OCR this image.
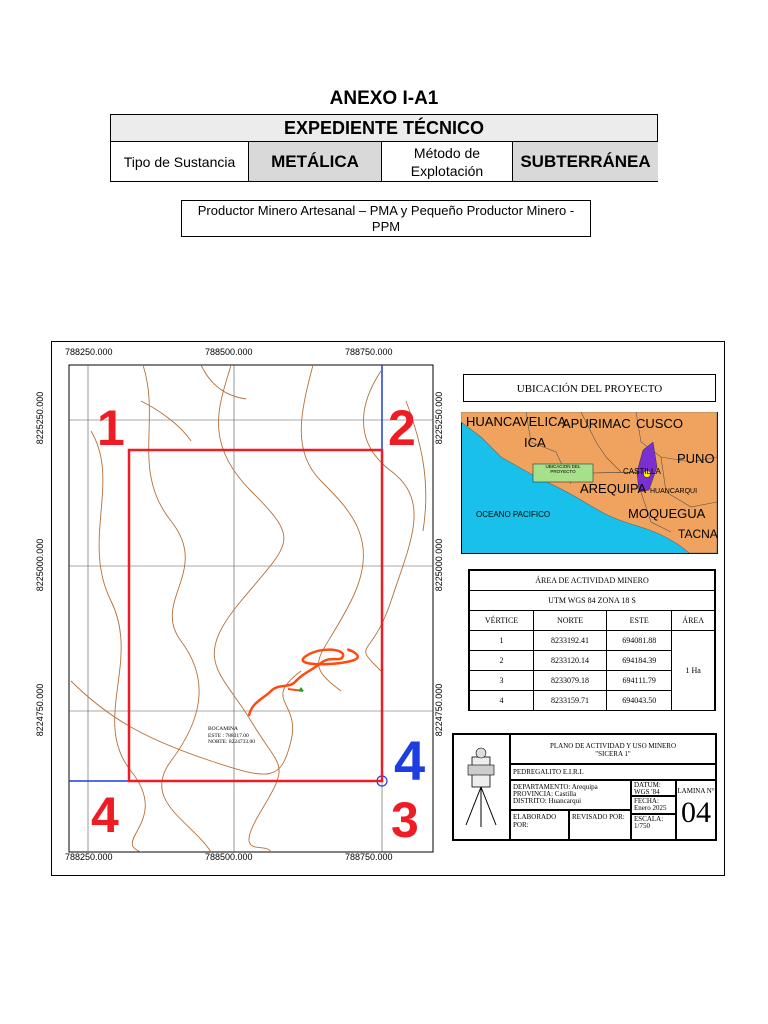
ANEXO I-A1
EXPEDIENTE TÉCNICO
Tipo de Sustancia	METÁLICA	Método de Explotación	SUBTERRÁNEA
Productor Minero Artesanal – PMA y Pequeño Productor Minero - PPM
788250.000	788500.000	788750.000
788250.000	788500.000	788750.000
8225250.000
8225000.000
8224750.000
8225250.000
8225000.000
8224750.000
1	2
3
4
4
BOCAMINA
ESTE : 788317.00
NORTE: 8224733.00
UBICACIÓN DEL PROYECTO
HUANCAVELICA
APURIMAC CUSCO
ICA
PUNO
AREQUIPA
CASTILLA
HUANCARQUI
MOQUEGUA
TACNA
OCEANO PACIFICO
UBICACION DEL PROYECTO
ÁREA DE ACTIVIDAD MINERO			
UTM WGS 84 ZONA 18 S			
VÉRTICE	NORTE	ESTE	ÁREA
1	8233192.41	694081.88	1 Ha
2	8233120.14	694184.39	
3	8233079.18	694111.79	
4	8233159.71	694043.50	
PLANO DE ACTIVIDAD Y USO MINERO
"SICERA 1"
PEDREGALITO E.I.R.L
DEPARTAMENTO: Arequipa
PROVINCIA: Castilla
DISTRITO: Huancarqui
DATUM:
WGS '84
FECHA:
Enero 2025
ESCALA:
1/750
LAMINA N°
04
ELABORADO POR:
REVISADO POR:
